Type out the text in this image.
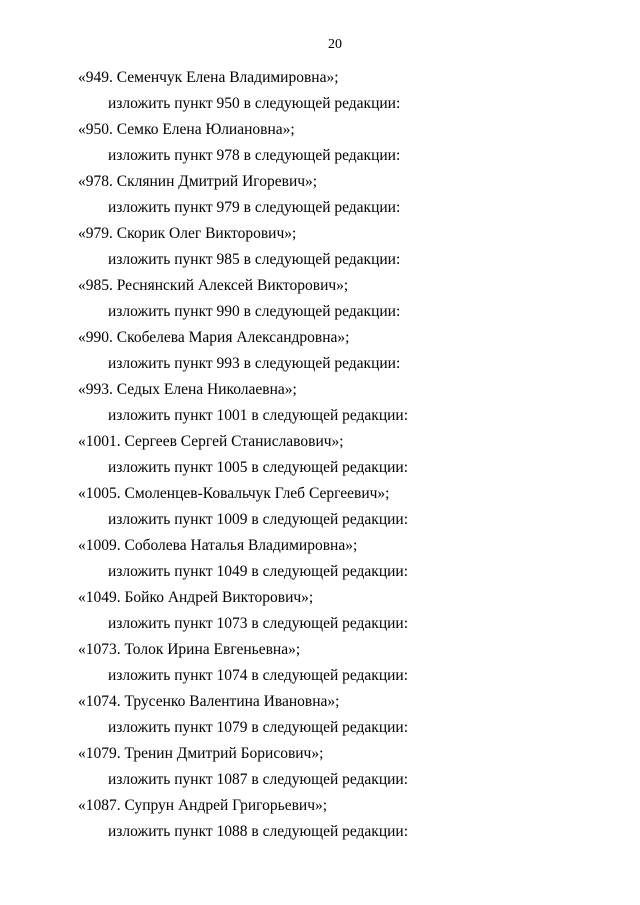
20
«949. Семенчук Елена Владимировна»;
изложить пункт 950 в следующей редакции:
«950. Семко Елена Юлиановна»;
изложить пункт 978 в следующей редакции:
«978. Склянин Дмитрий Игоревич»;
изложить пункт 979 в следующей редакции:
«979. Скорик Олег Викторович»;
изложить пункт 985 в следующей редакции:
«985. Реснянский Алексей Викторович»;
изложить пункт 990 в следующей редакции:
«990. Скобелева Мария Александровна»;
изложить пункт 993 в следующей редакции:
«993. Седых Елена Николаевна»;
изложить пункт 1001 в следующей редакции:
«1001. Сергеев Сергей Станиславович»;
изложить пункт 1005 в следующей редакции:
«1005. Смоленцев-Ковальчук Глеб Сергеевич»;
изложить пункт 1009 в следующей редакции:
«1009. Соболева Наталья Владимировна»;
изложить пункт 1049 в следующей редакции:
«1049. Бойко Андрей Викторович»;
изложить пункт 1073 в следующей редакции:
«1073. Толок Ирина Евгеньевна»;
изложить пункт 1074 в следующей редакции:
«1074. Трусенко Валентина Ивановна»;
изложить пункт 1079 в следующей редакции:
«1079. Тренин Дмитрий Борисович»;
изложить пункт 1087 в следующей редакции:
«1087. Супрун Андрей Григорьевич»;
изложить пункт 1088 в следующей редакции:
